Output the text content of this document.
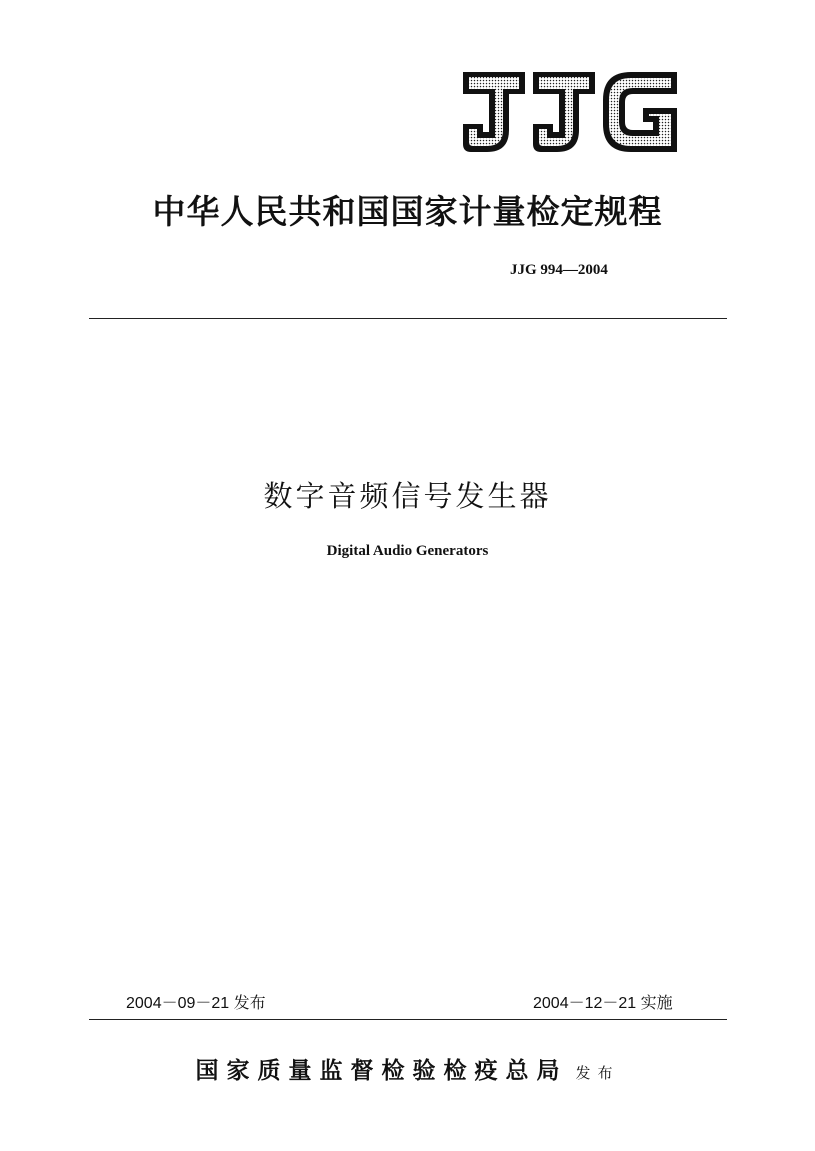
中华人民共和国国家计量检定规程
JJG 994—2004
数字音频信号发生器
Digital Audio Generators
2004－09－21 发布	2004－12－21 实施
国家质量监督检验检疫总局 发布
